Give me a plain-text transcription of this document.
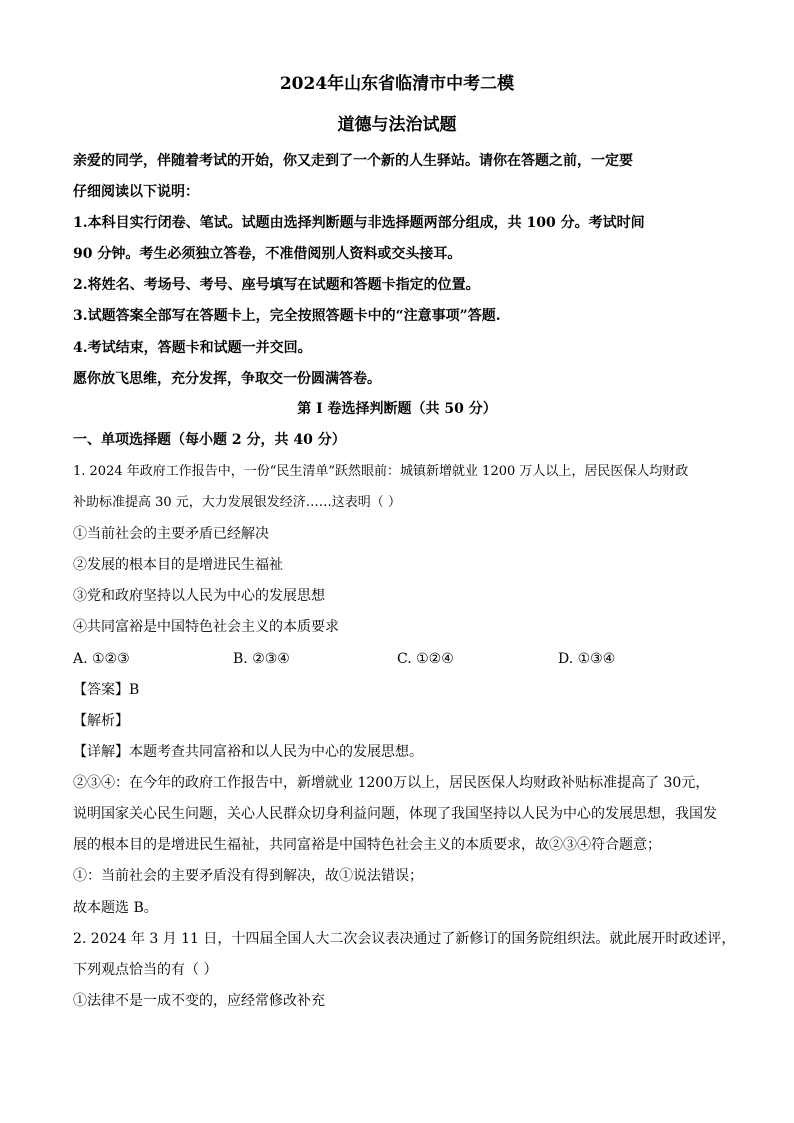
2024年山东省临清市中考二模
道德与法治试题
亲爱的同学，伴随着考试的开始，你又走到了一个新的人生驿站。请你在答题之前，一定要
仔细阅读以下说明：
1.本科目实行闭卷、笔试。试题由选择判断题与非选择题两部分组成，共 100 分。考试时间
90 分钟。考生必须独立答卷，不准借阅别人资料或交头接耳。
2.将姓名、考场号、考号、座号填写在试题和答题卡指定的位置。
3.试题答案全部写在答题卡上，完全按照答题卡中的“注意事项”答题.
4.考试结束，答题卡和试题一并交回。
愿你放飞思维，充分发挥，争取交一份圆满答卷。
第 I 卷选择判断题（共 50 分）
一、单项选择题（每小题 2 分，共 40 分）
1. 2024 年政府工作报告中，一份“民生清单”跃然眼前：城镇新增就业 1200 万人以上，居民医保人均财政
补助标准提高 30 元，大力发展银发经济……这表明（ ）
①当前社会的主要矛盾已经解决
②发展的根本目的是增进民生福祉
③党和政府坚持以人民为中心的发展思想
④共同富裕是中国特色社会主义的本质要求
A. ①②③	B. ②③④	C. ①②④	D. ①③④
【答案】B
【解析】
【详解】本题考查共同富裕和以人民为中心的发展思想。
②③④：在今年的政府工作报告中，新增就业 1200万以上，居民医保人均财政补贴标准提高了 30元，
说明国家关心民生问题，关心人民群众切身利益问题，体现了我国坚持以人民为中心的发展思想，我国发
展的根本目的是增进民生福祉，共同富裕是中国特色社会主义的本质要求，故②③④符合题意；
①：当前社会的主要矛盾没有得到解决，故①说法错误；
故本题选 B。
2. 2024 年 3 月 11 日，十四届全国人大二次会议表决通过了新修订的国务院组织法。就此展开时政述评，
下列观点恰当的有（ ）
①法律不是一成不变的，应经常修改补充
